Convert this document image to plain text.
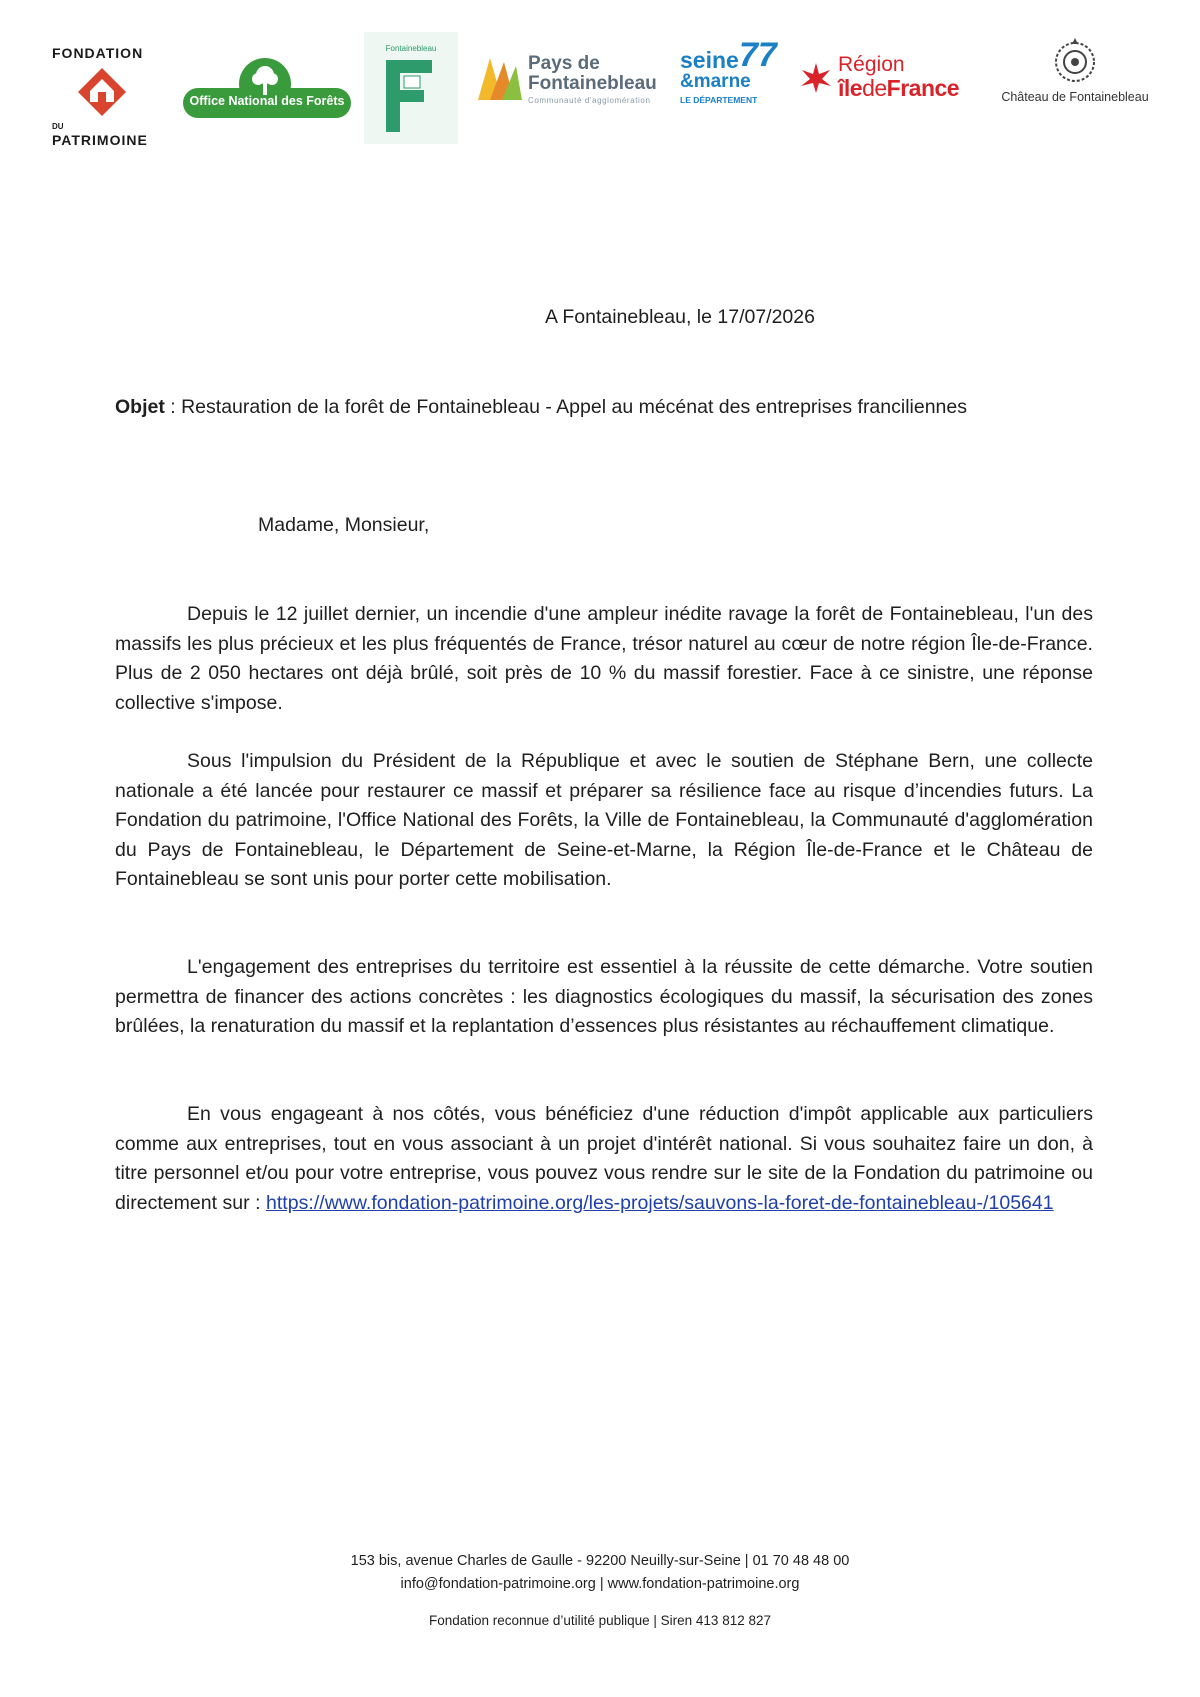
FONDATION
DU
PATRIMOINE
Office National des Forêts
Fontainebleau
Pays de
Fontainebleau
Communauté d'agglomération
seine 77
&marne
LE DÉPARTEMENT
Région
îledeFrance	Château de Fontainebleau
A Fontainebleau, le 17/07/2026
Objet : Restauration de la forêt de Fontainebleau - Appel au mécénat des entreprises franciliennes
Madame, Monsieur,

Depuis le 12 juillet dernier, un incendie d'une ampleur inédite ravage la forêt de Fontainebleau, l'un des massifs les plus précieux et les plus fréquentés de France, trésor naturel au cœur de notre région Île-de-France. Plus de 2 050 hectares ont déjà brûlé, soit près de 10 % du massif forestier. Face à ce sinistre, une réponse collective s'impose.

Sous l'impulsion du Président de la République et avec le soutien de Stéphane Bern, une collecte nationale a été lancée pour restaurer ce massif et préparer sa résilience face au risque d’incendies futurs. La Fondation du patrimoine, l'Office National des Forêts, la Ville de Fontainebleau, la Communauté d'agglomération du Pays de Fontainebleau, le Département de Seine-et-Marne, la Région Île-de-France et le Château de Fontainebleau se sont unis pour porter cette mobilisation.

L'engagement des entreprises du territoire est essentiel à la réussite de cette démarche. Votre soutien permettra de financer des actions concrètes : les diagnostics écologiques du massif, la sécurisation des zones brûlées, la renaturation du massif et la replantation d’essences plus résistantes au réchauffement climatique.

En vous engageant à nos côtés, vous bénéficiez d'une réduction d'impôt applicable aux particuliers comme aux entreprises, tout en vous associant à un projet d'intérêt national. Si vous souhaitez faire un don, à titre personnel et/ou pour votre entreprise, vous pouvez vous rendre sur le site de la Fondation du patrimoine ou directement sur : https://www.fondation-patrimoine.org/les-projets/sauvons-la-foret-de-fontainebleau-/105641

153 bis, avenue Charles de Gaulle - 92200 Neuilly-sur-Seine | 01 70 48 48 00
info@fondation-patrimoine.org | www.fondation-patrimoine.org
Fondation reconnue d’utilité publique | Siren 413 812 827
